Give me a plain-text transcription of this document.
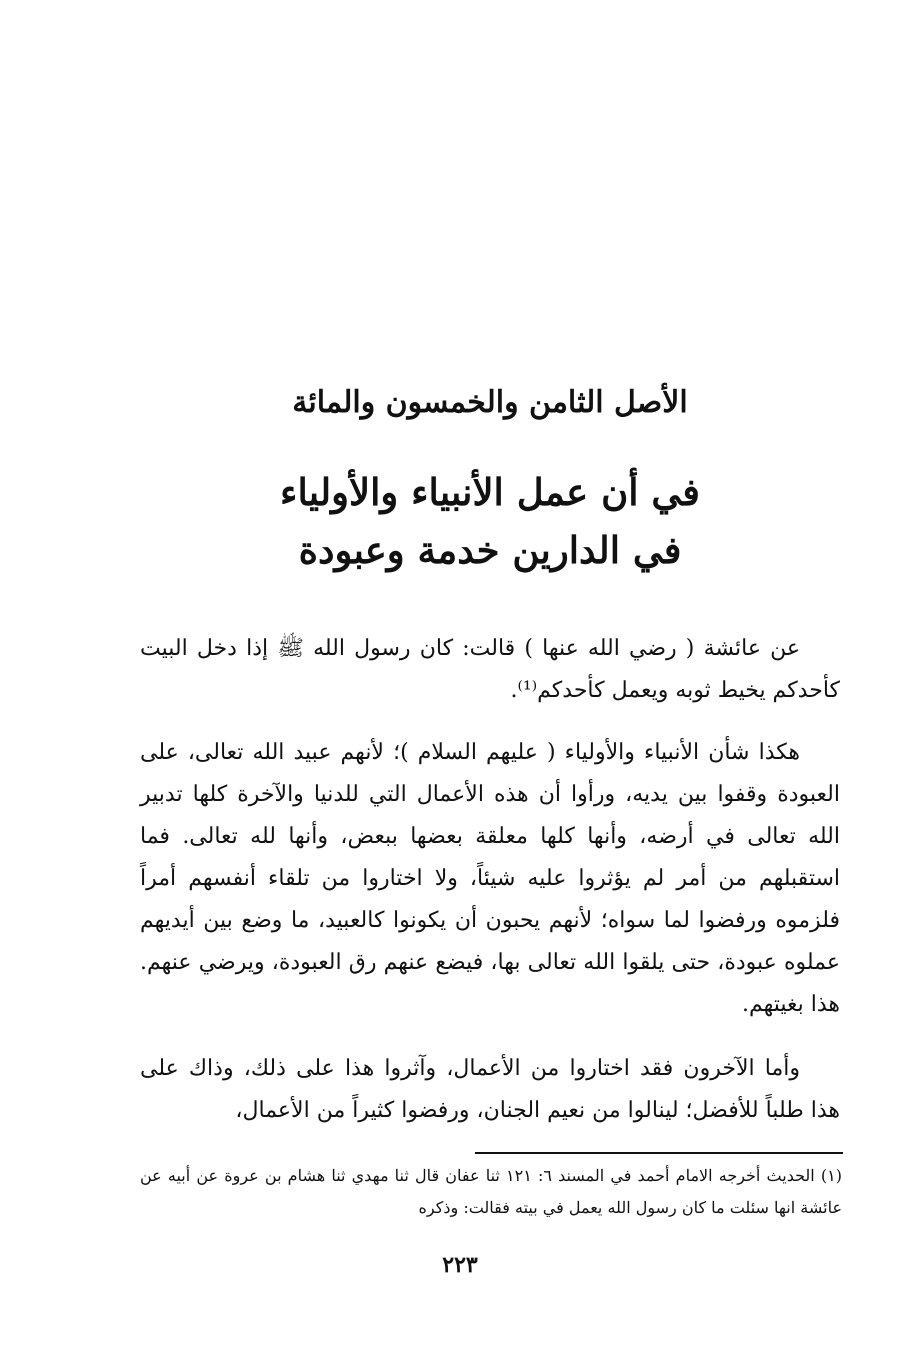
الأصل الثامن والخمسون والمائة
في أن عمل الأنبياء والأولياء
في الدارين خدمة وعبودة

عن عائشة ( رضي الله عنها ) قالت: كان رسول الله ﷺ إذا دخل البيت كأحدكم يخيط ثوبه ويعمل كأحدكم⁽¹⁾.

هكذا شأن الأنبياء والأولياء ( عليهم السلام )؛ لأنهم عبيد الله تعالى، على العبودة وقفوا بين يديه، ورأوا أن هذه الأعمال التي للدنيا والآخرة كلها تدبير الله تعالى في أرضه، وأنها كلها معلقة بعضها ببعض، وأنها لله تعالى. فما استقبلهم من أمر لم يؤثروا عليه شيئاً، ولا اختاروا من تلقاء أنفسهم أمراً فلزموه ورفضوا لما سواه؛ لأنهم يحبون أن يكونوا كالعبيد، ما وضع بين أيديهم عملوه عبودة، حتى يلقوا الله تعالى بها، فيضع عنهم رق العبودة، ويرضي عنهم. هذا بغيتهم.

وأما الآخرون فقد اختاروا من الأعمال، وآثروا هذا على ذلك، وذاك على هذا طلباً للأفضل؛ لينالوا من نعيم الجنان، ورفضوا كثيراً من الأعمال،

(١) الحديث أخرجه الامام أحمد في المسند ٦: ١٢١ ثنا عفان قال ثنا مهدي ثنا هشام بن عروة عن أبيه عن عائشة انها سئلت ما كان رسول الله يعمل في بيته فقالت: وذكره

٢٢٣
